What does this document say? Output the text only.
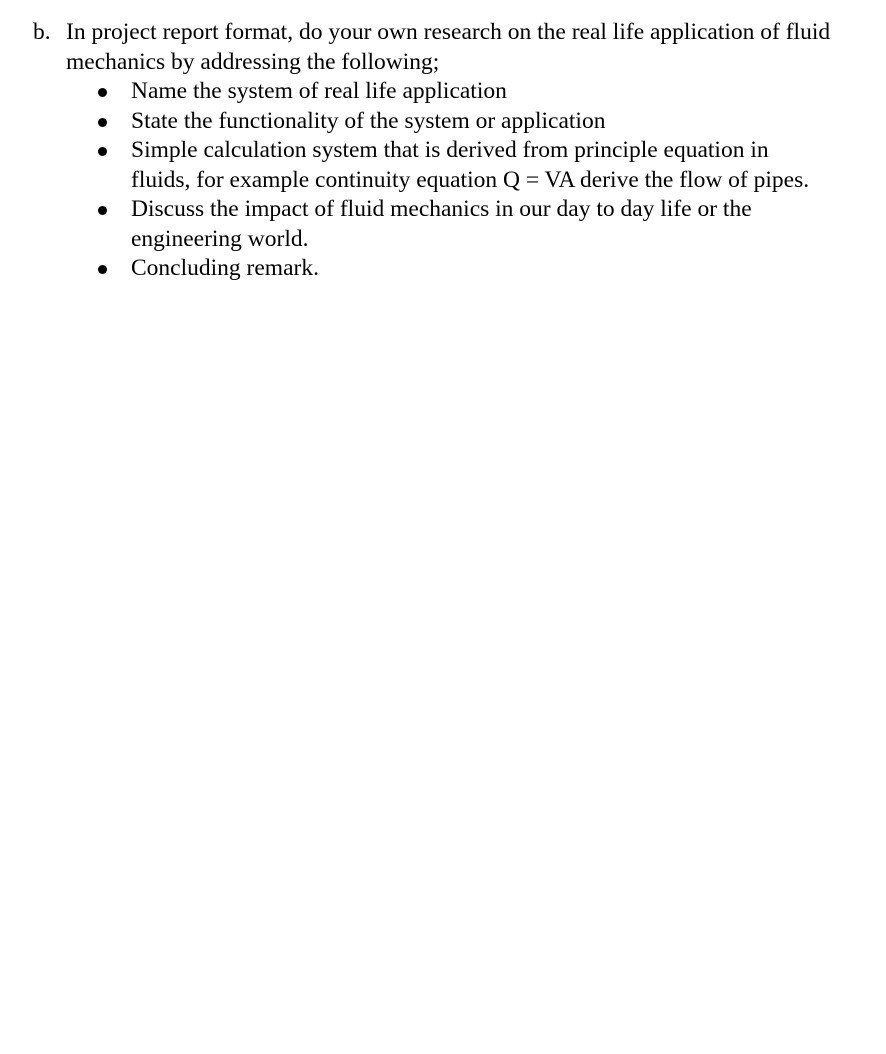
b. In project report format, do your own research on the real life application of fluid mechanics by addressing the following;
Name the system of real life application
State the functionality of the system or application
Simple calculation system that is derived from principle equation in fluids, for example continuity equation Q = VA derive the flow of pipes.
Discuss the impact of fluid mechanics in our day to day life or the engineering world.
Concluding remark.
